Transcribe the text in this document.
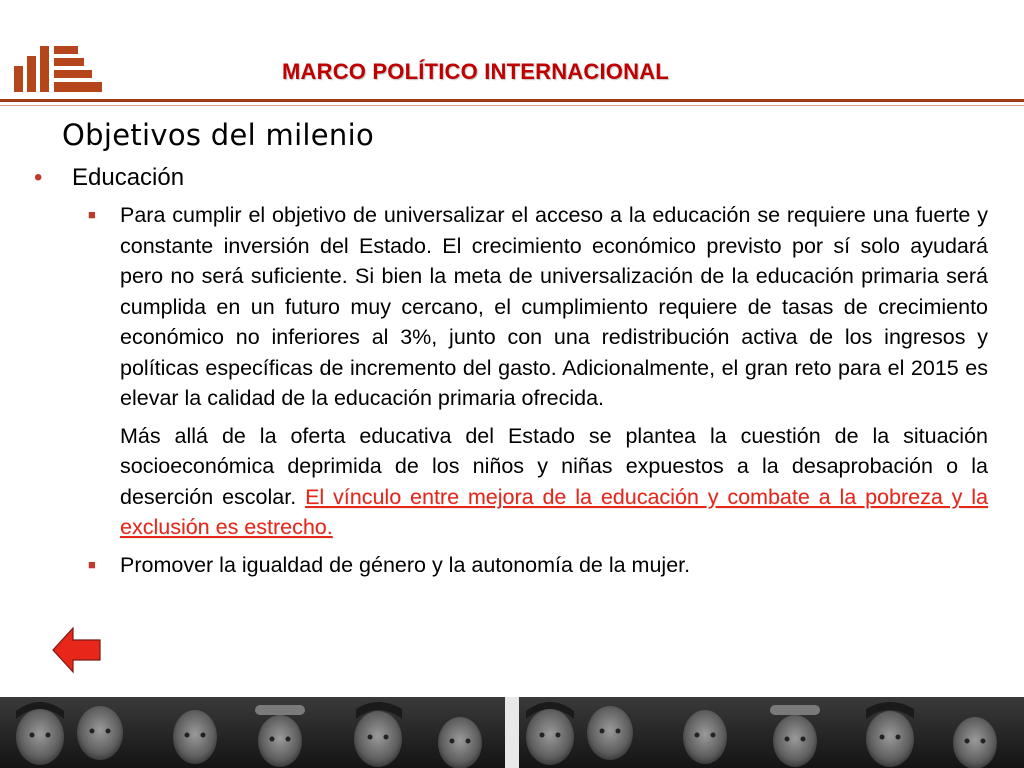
MARCO POLÍTICO INTERNACIONAL
Objetivos del milenio
• Educación
■	Para cumplir el objetivo de universalizar el acceso a la educación se requiere una fuerte y constante inversión del Estado. El crecimiento económico previsto por sí solo ayudará pero no será suficiente. Si bien la meta de universalización de la educación primaria será cumplida en un futuro muy cercano, el cumplimiento requiere de tasas de crecimiento económico no inferiores al 3%, junto con una redistribución activa de los ingresos y políticas específicas de incremento del gasto. Adicionalmente, el gran reto para el 2015 es elevar la calidad de la educación primaria ofrecida.
Más allá de la oferta educativa del Estado se plantea la cuestión de la situación socioeconómica deprimida de los niños y niñas expuestos a la desaprobación o la deserción escolar. El vínculo entre mejora de la educación y combate a la pobreza y la exclusión es estrecho.
■	Promover la igualdad de género y la autonomía de la mujer.
